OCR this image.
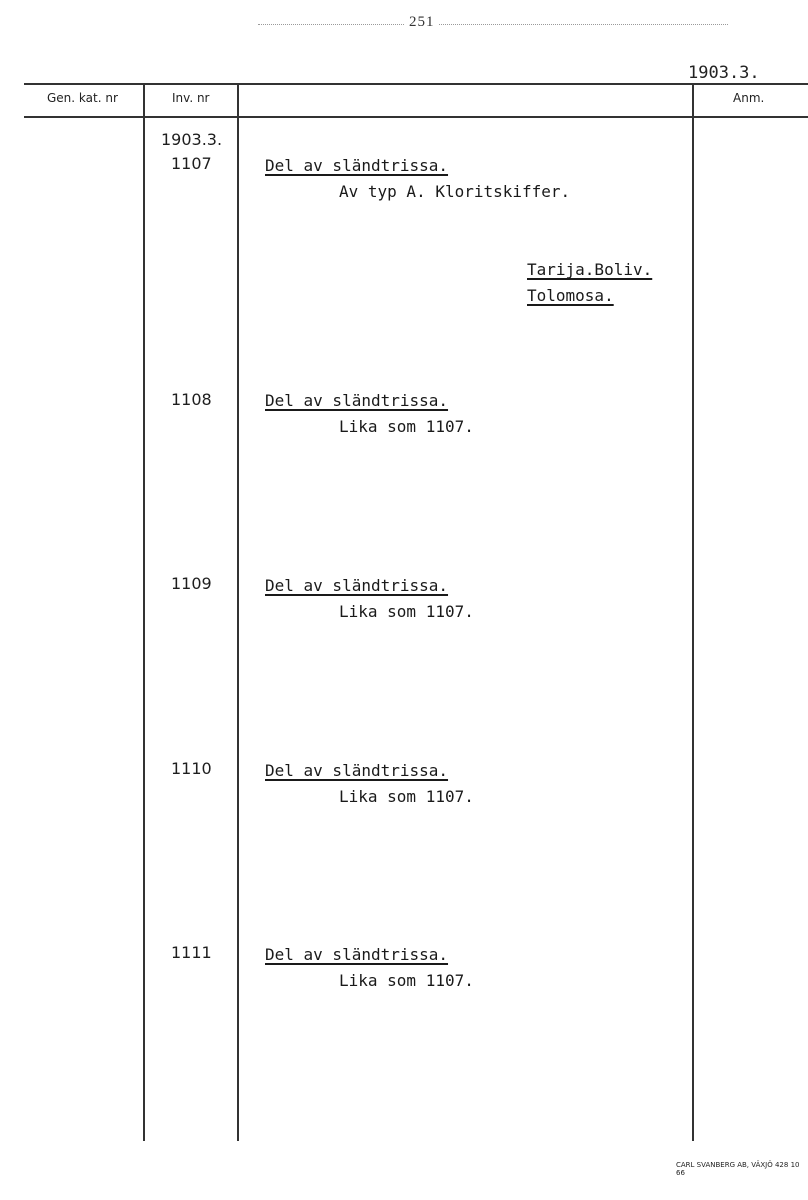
251
1903.3.
Gen. kat. nr	Inv. nr	Anm.
1903.3.
1107	Del av sländtrissa.
Av typ A. Kloritskiffer.
Tarija.Boliv.
Tolomosa.
1108	Del av sländtrissa.
Lika som 1107.
1109	Del av sländtrissa.
Lika som 1107.
1110	Del av sländtrissa.
Lika som 1107.
1111	Del av sländtrissa.
Lika som 1107.
CARL SVANBERG AB, VÄXJÖ 428 10 66
